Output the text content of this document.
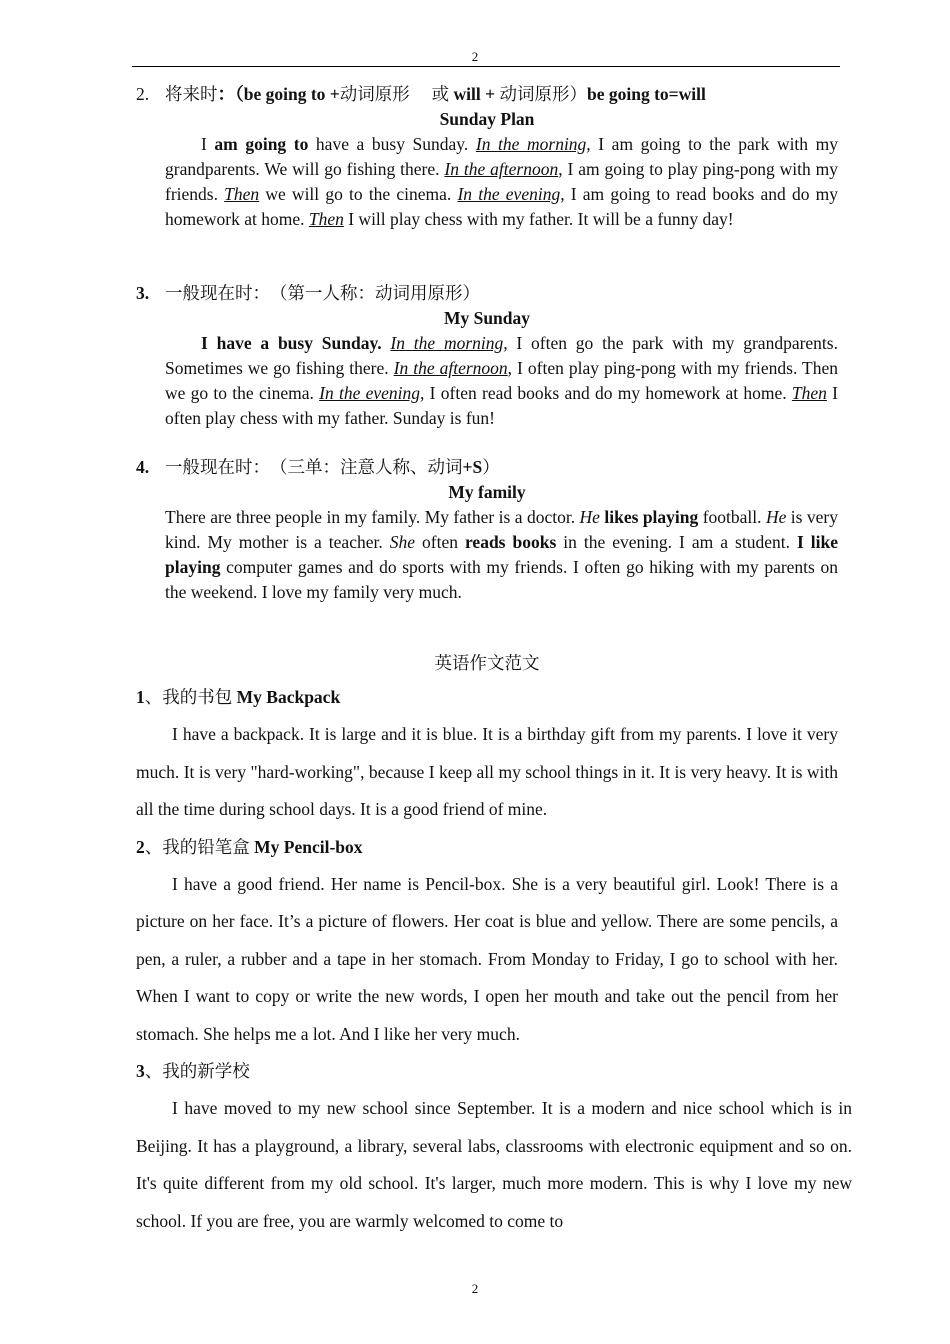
2

2. 将来时：（be going to +动词原形　 或 will + 动词原形）be going to=will

Sunday Plan

I am going to have a busy Sunday. In the morning, I am going to the park with my grandparents. We will go fishing there. In the afternoon, I am going to play ping-pong with my friends. Then we will go to the cinema. In the evening, I am going to read books and do my homework at home. Then I will play chess with my father. It will be a funny day!

3. 一般现在时：　（第一人称：动词用原形）

My Sunday

I have a busy Sunday. In the morning, I often go the park with my grandparents. Sometimes we go fishing there. In the afternoon, I often play ping-pong with my friends. Then we go to the cinema. In the evening, I often read books and do my homework at home. Then I often play chess with my father. Sunday is fun!

4. 一般现在时：　（三单：注意人称、动词+S）

My family

There are three people in my family. My father is a doctor. He likes playing football. He is very kind. My mother is a teacher. She often reads books in the evening. I am a student. I like playing computer games and do sports with my friends. I often go hiking with my parents on the weekend. I love my family very much.

英语作文范文

1、我的书包 My Backpack

I have a backpack. It is large and it is blue. It is a birthday gift from my parents. I love it very much. It is very "hard-working", because I keep all my school things in it. It is very heavy. It is with all the time during school days. It is a good friend of mine.

2、我的铅笔盒 My Pencil-box

I have a good friend. Her name is Pencil-box. She is a very beautiful girl. Look! There is a picture on her face. It’s a picture of flowers. Her coat is blue and yellow. There are some pencils, a pen, a ruler, a rubber and a tape in her stomach. From Monday to Friday, I go to school with her. When I want to copy or write the new words, I open her mouth and take out the pencil from her stomach. She helps me a lot. And I like her very much.

3、我的新学校

I have moved to my new school since September. It is a modern and nice school which is in Beijing. It has a playground, a library, several labs, classrooms with electronic equipment and so on. It's quite different from my old school. It's larger, much more modern. This is why I love my new school. If you are free, you are warmly welcomed to come to

2
